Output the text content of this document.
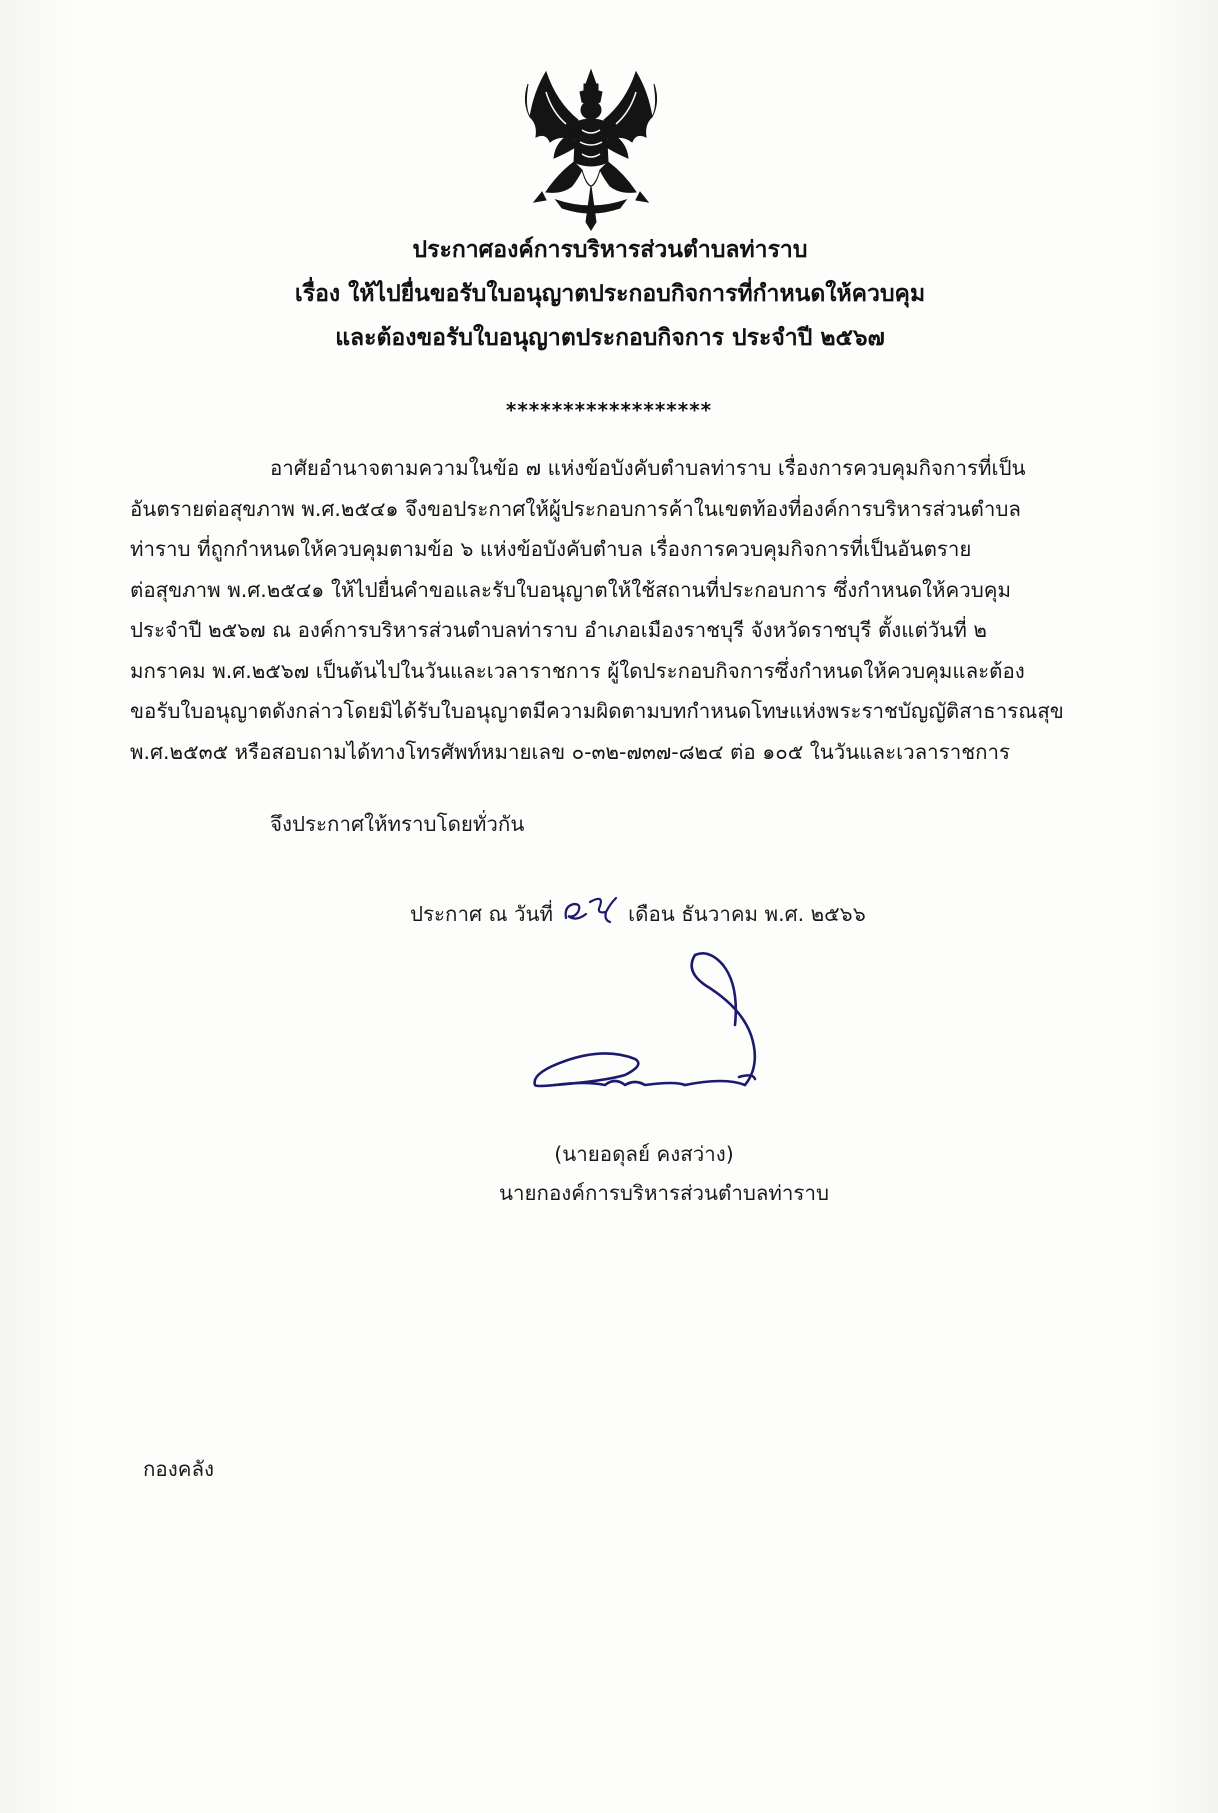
ประกาศองค์การบริหารส่วนตำบลท่าราบ
เรื่อง ให้ไปยื่นขอรับใบอนุญาตประกอบกิจการที่กำหนดให้ควบคุม
และต้องขอรับใบอนุญาตประกอบกิจการ ประจำปี ๒๕๖๗
******************
อาศัยอำนาจตามความในข้อ ๗ แห่งข้อบังคับตำบลท่าราบ เรื่องการควบคุมกิจการที่เป็น
อันตรายต่อสุขภาพ พ.ศ.๒๕๔๑ จึงขอประกาศให้ผู้ประกอบการค้าในเขตท้องที่องค์การบริหารส่วนตำบล
ท่าราบ ที่ถูกกำหนดให้ควบคุมตามข้อ ๖ แห่งข้อบังคับตำบล เรื่องการควบคุมกิจการที่เป็นอันตราย
ต่อสุขภาพ พ.ศ.๒๕๔๑ ให้ไปยื่นคำขอและรับใบอนุญาตให้ใช้สถานที่ประกอบการ ซึ่งกำหนดให้ควบคุม
ประจำปี ๒๕๖๗ ณ องค์การบริหารส่วนตำบลท่าราบ อำเภอเมืองราชบุรี จังหวัดราชบุรี ตั้งแต่วันที่ ๒
มกราคม พ.ศ.๒๕๖๗ เป็นต้นไปในวันและเวลาราชการ ผู้ใดประกอบกิจการซึ่งกำหนดให้ควบคุมและต้อง
ขอรับใบอนุญาตดังกล่าวโดยมิได้รับใบอนุญาตมีความผิดตามบทกำหนดโทษแห่งพระราชบัญญัติสาธารณสุข
พ.ศ.๒๕๓๕ หรือสอบถามได้ทางโทรศัพท์หมายเลข ๐-๓๒-๗๓๗-๘๒๔ ต่อ ๑๐๕ ในวันและเวลาราชการ
จึงประกาศให้ทราบโดยทั่วกัน
ประกาศ ณ วันที่	เดือน ธันวาคม พ.ศ. ๒๕๖๖
(นายอดุลย์ คงสว่าง)
นายกองค์การบริหารส่วนตำบลท่าราบ
กองคลัง
